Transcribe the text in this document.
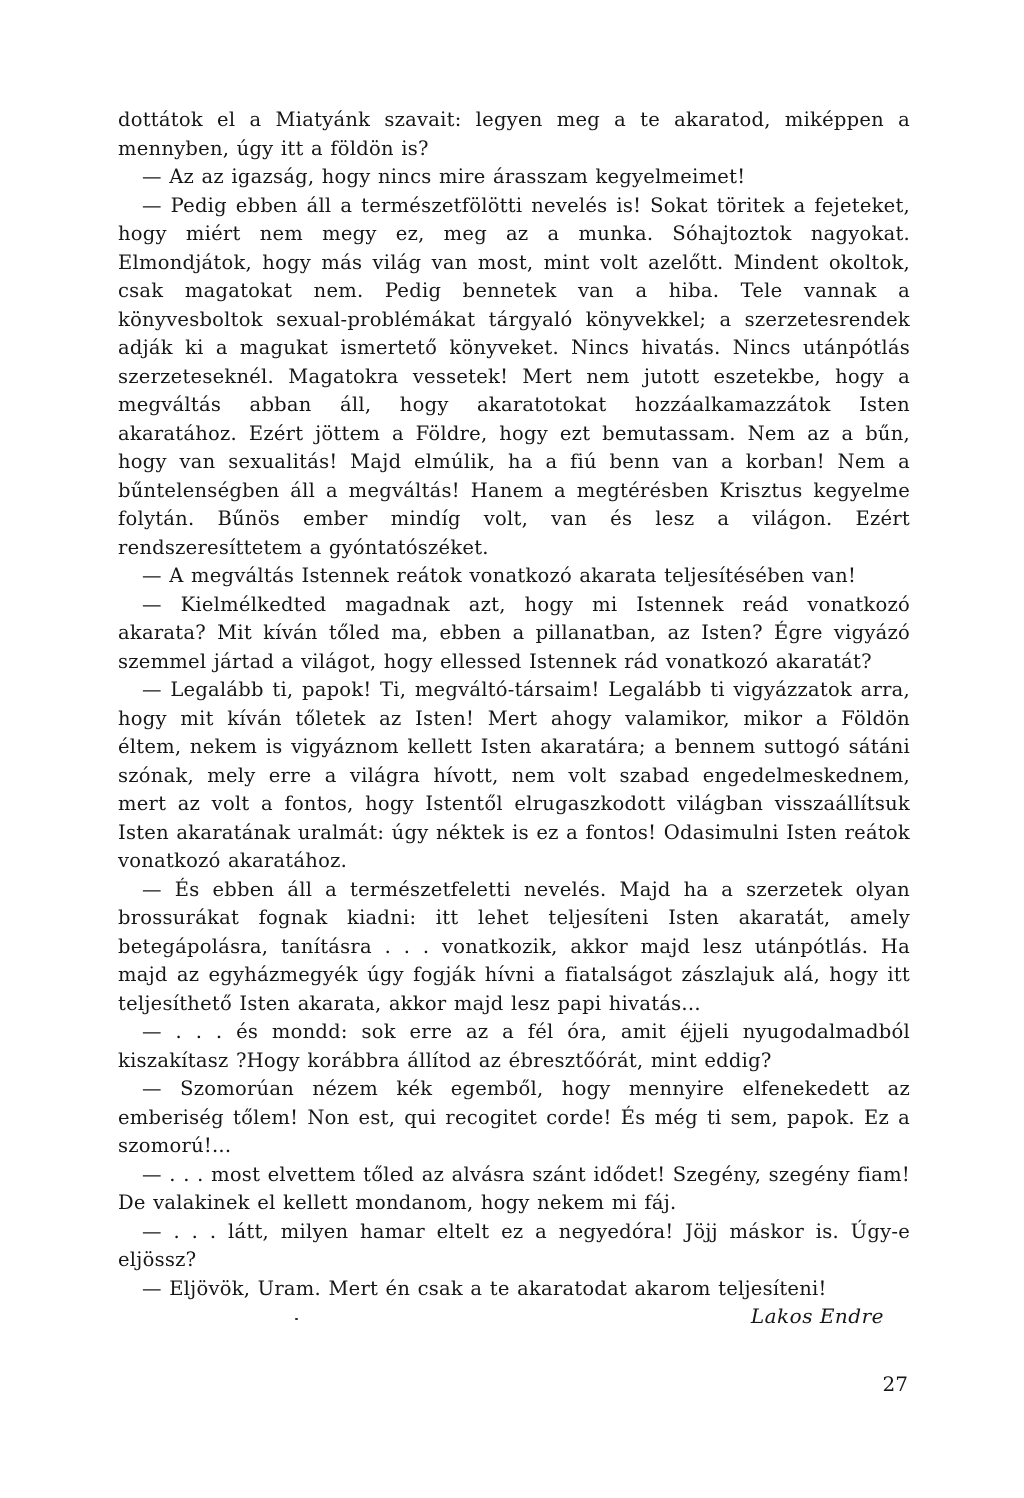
dottátok el a Miatyánk szavait: legyen meg a te akaratod, miképpen a mennyben, úgy itt a földön is?

— Az az igazság, hogy nincs mire árasszam kegyelmeimet!

— Pedig ebben áll a természetfölötti nevelés is! Sokat töritek a fejeteket, hogy miért nem megy ez, meg az a munka. Sóhajtoztok nagyokat. Elmondjátok, hogy más világ van most, mint volt azelőtt. Mindent okoltok, csak magatokat nem. Pedig bennetek van a hiba. Tele vannak a könyvesboltok sexual-problémákat tárgyaló könyvekkel; a szerzetesrendek adják ki a magukat ismertető könyveket. Nincs hivatás. Nincs utánpótlás szerzeteseknél. Magatokra vessetek! Mert nem jutott eszetekbe, hogy a megváltás abban áll, hogy akaratotokat hozzáalkamazzátok Isten akaratához. Ezért jöttem a Földre, hogy ezt bemutassam. Nem az a bűn, hogy van sexualitás! Majd elmúlik, ha a fiú benn van a korban! Nem a bűntelenségben áll a megváltás! Hanem a megtérésben Krisztus kegyelme folytán. Bűnös ember mindíg volt, van és lesz a világon. Ezért rendszeresíttetem a gyóntatószéket.

— A megváltás Istennek reátok vonatkozó akarata teljesítésében van!

— Kielmélkedted magadnak azt, hogy mi Istennek reád vonatkozó akarata? Mit kíván tőled ma, ebben a pillanatban, az Isten? Égre vigyázó szemmel jártad a világot, hogy ellessed Istennek rád vonatkozó akaratát?

— Legalább ti, papok! Ti, megváltó-társaim! Legalább ti vigyázzatok arra, hogy mit kíván tőletek az Isten! Mert ahogy valamikor, mikor a Földön éltem, nekem is vigyáznom kellett Isten akaratára; a bennem suttogó sátáni szónak, mely erre a világra hívott, nem volt szabad engedelmeskednem, mert az volt a fontos, hogy Istentől elrugaszkodott világban visszaállítsuk Isten akaratának uralmát: úgy néktek is ez a fontos! Odasimulni Isten reátok vonatkozó akaratához.

— És ebben áll a természetfeletti nevelés. Majd ha a szerzetek olyan brossurákat fognak kiadni: itt lehet teljesíteni Isten akaratát, amely betegápolásra, tanításra . . . vonatkozik, akkor majd lesz utánpótlás. Ha majd az egyházmegyék úgy fogják hívni a fiatalságot zászlajuk alá, hogy itt teljesíthető Isten akarata, akkor majd lesz papi hivatás...

— . . . és mondd: sok erre az a fél óra, amit éjjeli nyugodalmadból kiszakítasz ?Hogy korábbra állítod az ébresztőórát, mint eddig?

— Szomorúan nézem kék egemből, hogy mennyire elfenekedett az emberiség tőlem! Non est, qui recogitet corde! És még ti sem, papok. Ez a szomorú!...

— . . . most elvettem tőled az alvásra szánt idődet! Szegény, szegény fiam! De valakinek el kellett mondanom, hogy nekem mi fáj.

— . . . látt, milyen hamar eltelt ez a negyedóra! Jöjj máskor is. Úgy-e eljössz?

— Eljövök, Uram. Mert én csak a te akaratodat akarom teljesíteni!

Lakos Endre
27
